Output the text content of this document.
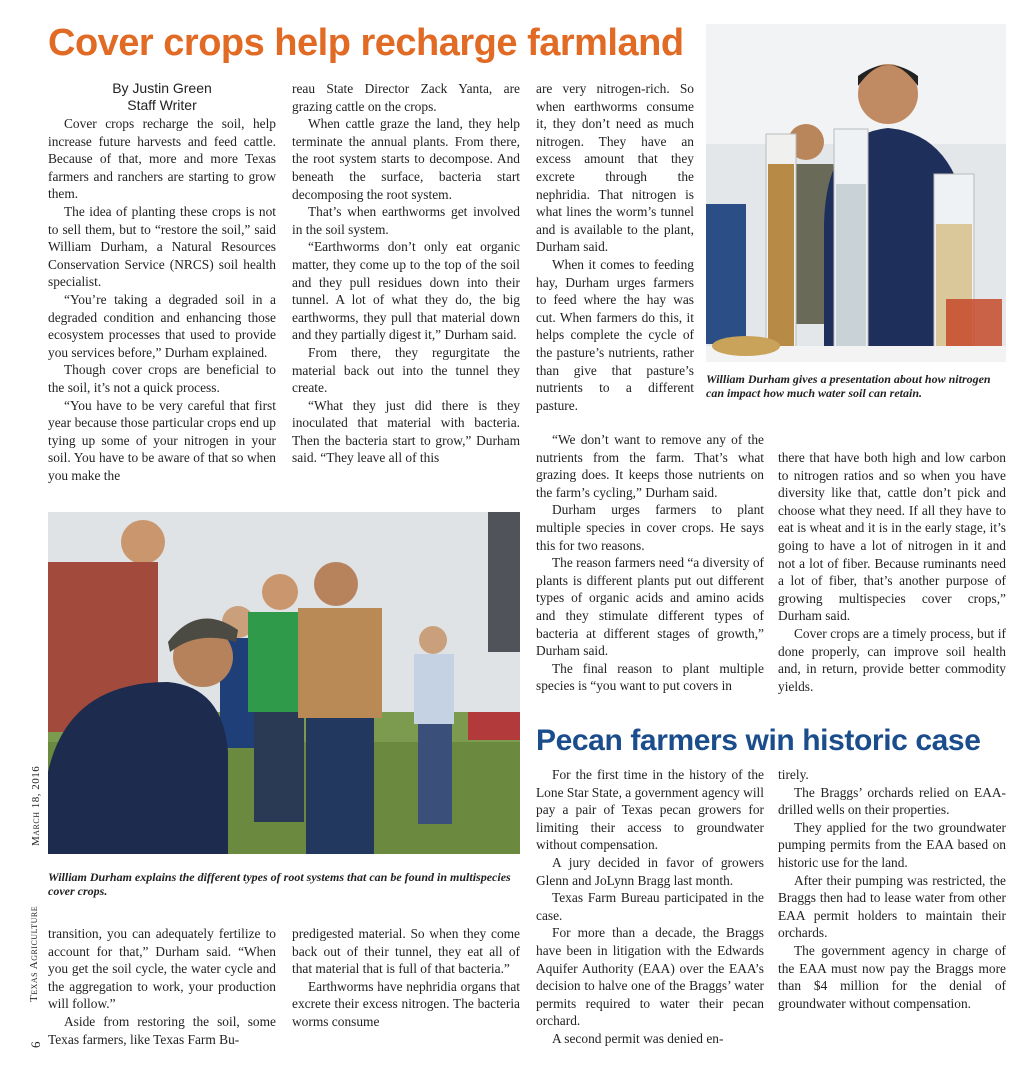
Cover crops help recharge farmland
William Durham gives a presentation about how nitrogen can impact how much water soil can retain.
William Durham explains the different types of root systems that can be found in multispecies cover crops.
By Justin Green
Staff Writer

Cover crops recharge the soil, help increase future harvests and feed cattle. Because of that, more and more Texas farmers and ranchers are starting to grow them.

The idea of planting these crops is not to sell them, but to “restore the soil,” said William Durham, a Natural Resources Conservation Service (NRCS) soil health specialist.

“You’re taking a degraded soil in a degraded condition and enhancing those ecosystem processes that used to provide you services before,” Durham explained.

Though cover crops are beneficial to the soil, it’s not a quick process.

“You have to be very careful that first year because those particular crops end up tying up some of your nitrogen in your soil. You have to be aware of that so when you make the

reau State Director Zack Yanta, are grazing cattle on the crops.

When cattle graze the land, they help terminate the annual plants. From there, the root system starts to decompose. And beneath the surface, bacteria start decomposing the root system.

That’s when earthworms get involved in the soil system.

“Earthworms don’t only eat organic matter, they come up to the top of the soil and they pull residues down into their tunnel. A lot of what they do, the big earthworms, they pull that material down and they partially digest it,” Durham said.

From there, they regurgitate the material back out into the tunnel they create.

“What they just did there is they inoculated that material with bacteria. Then the bacteria start to grow,” Durham said. “They leave all of this

are very nitrogen-rich. So when earthworms consume it, they don’t need as much nitrogen. They have an excess amount that they excrete through the nephridia. That nitrogen is what lines the worm’s tunnel and is available to the plant, Durham said.

When it comes to feeding hay, Durham urges farmers to feed where the hay was cut. When farmers do this, it helps complete the cycle of the pasture’s nutrients, rather than give that pasture’s nutrients to a different pasture.

“We don’t want to remove any of the nutrients from the farm. That’s what grazing does. It keeps those nutrients on the farm’s cycling,” Durham said.

Durham urges farmers to plant multiple species in cover crops. He says this for two reasons.

The reason farmers need “a diversity of plants is different plants put out different types of organic acids and amino acids and they stimulate different types of bacteria at different stages of growth,” Durham said.

The final reason to plant multiple species is “you want to put covers in

there that have both high and low carbon to nitrogen ratios and so when you have diversity like that, cattle don’t pick and choose what they need. If all they have to eat is wheat and it is in the early stage, it’s going to have a lot of nitrogen in it and not a lot of fiber. Because ruminants need a lot of fiber, that’s another purpose of growing multispecies cover crops,” Durham said.

Cover crops are a timely process, but if done properly, can improve soil health and, in return, provide better commodity yields.

transition, you can adequately fertilize to account for that,” Durham said. “When you get the soil cycle, the water cycle and the aggregation to work, your production will follow.”

Aside from restoring the soil, some Texas farmers, like Texas Farm Bu-

predigested material. So when they come back out of their tunnel, they eat all of that material that is full of that bacteria.”

Earthworms have nephridia organs that excrete their excess nitrogen. The bacteria worms consume

Pecan farmers win historic case

For the first time in the history of the Lone Star State, a government agency will pay a pair of Texas pecan growers for limiting their access to groundwater without compensation.

A jury decided in favor of growers Glenn and JoLynn Bragg last month.

Texas Farm Bureau participated in the case.

For more than a decade, the Braggs have been in litigation with the Edwards Aquifer Authority (EAA) over the EAA’s decision to halve one of the Braggs’ water permits required to water their pecan orchard.

A second permit was denied en-

tirely.

The Braggs’ orchards relied on EAA-drilled wells on their properties.

They applied for the two groundwater pumping permits from the EAA based on historic use for the land.

After their pumping was restricted, the Braggs then had to lease water from other EAA permit holders to maintain their orchards.

The government agency in charge of the EAA must now pay the Braggs more than $4 million for the denial of groundwater without compensation.

March 18, 2016
Texas Agriculture
6
